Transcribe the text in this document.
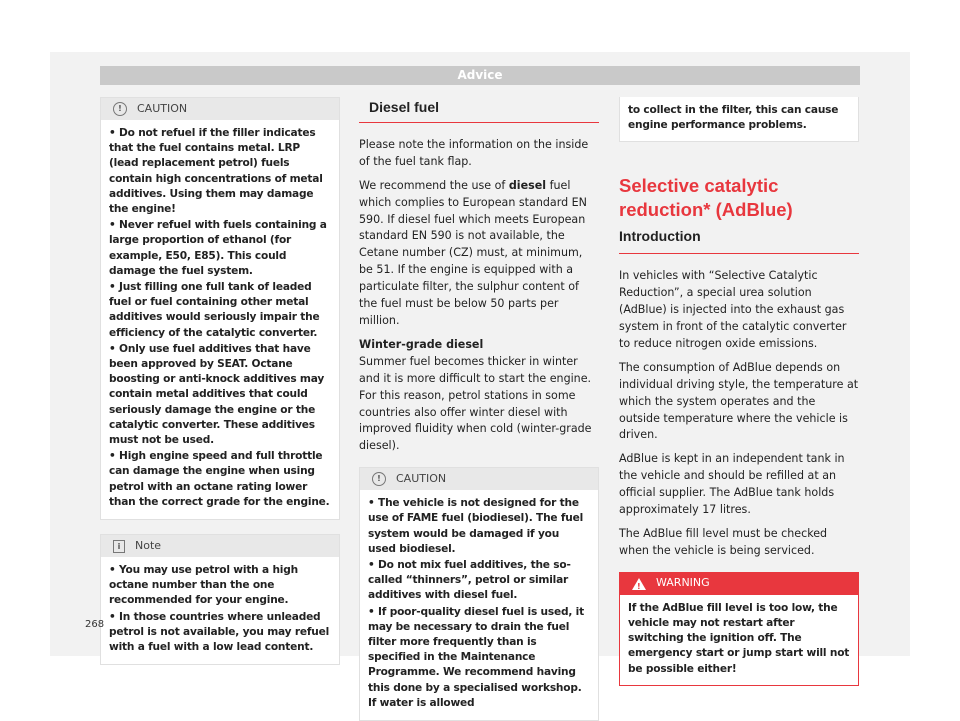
Advice
!	CAUTION

• Do not refuel if the filler indicates that the fuel contains metal. LRP (lead replacement petrol) fuels contain high concentrations of metal additives. Using them may damage the engine!

• Never refuel with fuels containing a large proportion of ethanol (for example, E50, E85). This could damage the fuel system.

• Just filling one full tank of leaded fuel or fuel containing other metal additives would seriously impair the efficiency of the catalytic converter.

• Only use fuel additives that have been approved by SEAT. Octane boosting or anti-knock additives may contain metal additives that could seriously damage the engine or the catalytic converter. These additives must not be used.

• High engine speed and full throttle can damage the engine when using petrol with an octane rating lower than the correct grade for the engine.

i	Note

• You may use petrol with a high octane number than the one recommended for your engine.

• In those countries where unleaded petrol is not available, you may refuel with a fuel with a low lead content.

Diesel fuel

Please note the information on the inside of the fuel tank flap.

We recommend the use of diesel fuel which complies to European standard EN 590. If diesel fuel which meets European standard EN 590 is not available, the Cetane number (CZ) must, at minimum, be 51. If the engine is equipped with a particulate filter, the sulphur content of the fuel must be below 50 parts per million.

Winter-grade diesel

Summer fuel becomes thicker in winter and it is more difficult to start the engine. For this reason, petrol stations in some countries also offer winter diesel with improved fluidity when cold (winter-grade diesel).

!	CAUTION

• The vehicle is not designed for the use of FAME fuel (biodiesel). The fuel system would be damaged if you used biodiesel.

• Do not mix fuel additives, the so-called “thinners”, petrol or similar additives with diesel fuel.

• If poor-quality diesel fuel is used, it may be necessary to drain the fuel filter more frequently than is specified in the Maintenance Programme. We recommend having this done by a specialised workshop. If water is allowed

to collect in the filter, this can cause engine performance problems.

Selective catalytic reduction* (AdBlue)
Introduction

In vehicles with “Selective Catalytic Reduction”, a special urea solution (AdBlue) is injected into the exhaust gas system in front of the catalytic converter to reduce nitrogen oxide emissions.

The consumption of AdBlue depends on individual driving style, the temperature at which the system operates and the outside temperature where the vehicle is driven.

AdBlue is kept in an independent tank in the vehicle and should be refilled at an official supplier. The AdBlue tank holds approximately 17 litres.

The AdBlue fill level must be checked when the vehicle is being serviced.

!
WARNING

If the AdBlue fill level is too low, the vehicle may not restart after switching the ignition off. The emergency start or jump start will not be possible either!

268
